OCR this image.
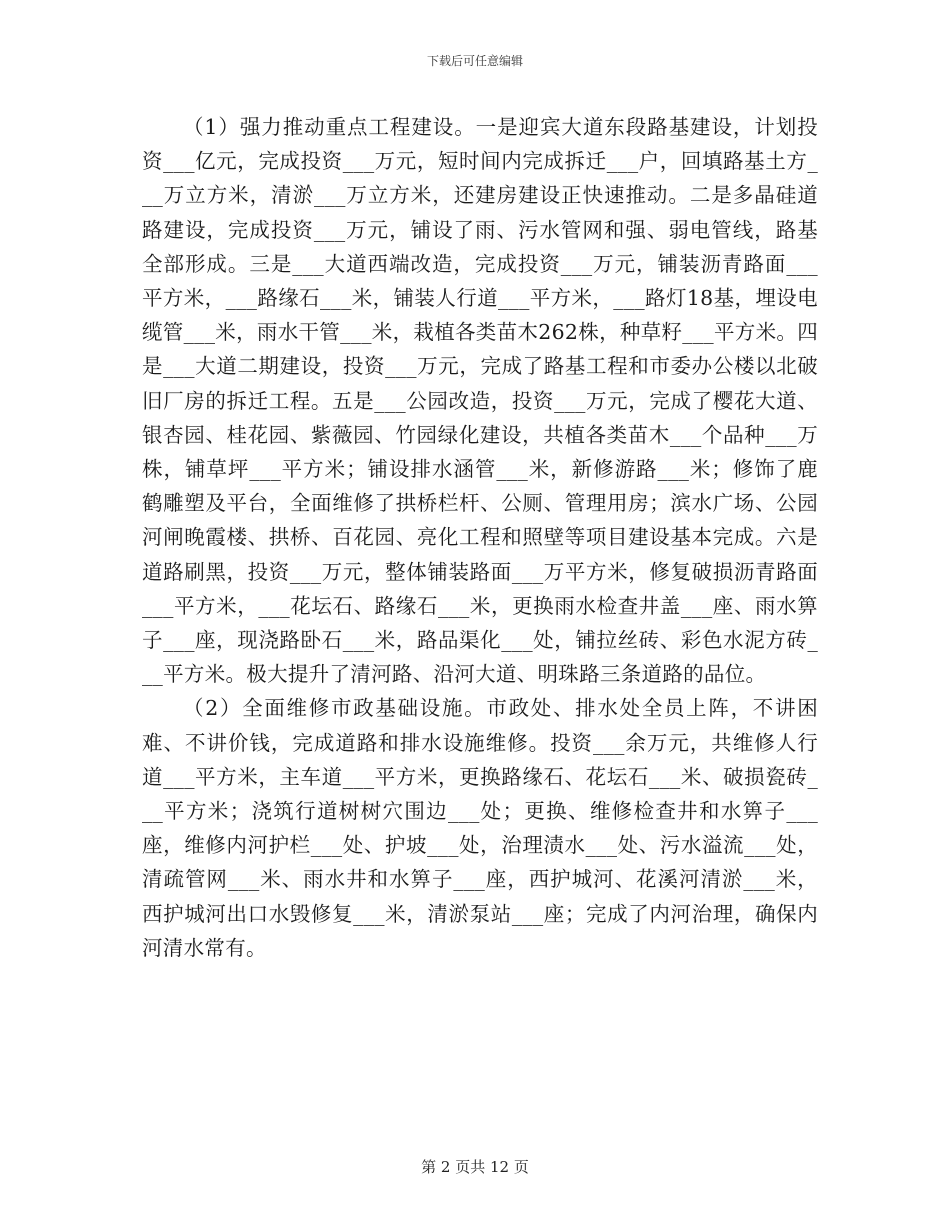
下载后可任意编辑

（1）强力推动重点工程建设。一是迎宾大道东段路基建设，计划投资___亿元，完成投资___万元，短时间内完成拆迁___户，回填路基土方___万立方米，清淤___万立方米，还建房建设正快速推动。二是多晶硅道路建设，完成投资___万元，铺设了雨、污水管网和强、弱电管线，路基全部形成。三是___大道西端改造，完成投资___万元，铺装沥青路面___平方米，___路缘石___米，铺装人行道___平方米，___路灯18基，埋设电缆管___米，雨水干管___米，栽植各类苗木262株，种草籽___平方米。四是___大道二期建设，投资___万元，完成了路基工程和市委办公楼以北破旧厂房的拆迁工程。五是___公园改造，投资___万元，完成了樱花大道、银杏园、桂花园、紫薇园、竹园绿化建设，共植各类苗木___个品种___万株，铺草坪___平方米；铺设排水涵管___米，新修游路___米；修饰了鹿鹤雕塑及平台，全面维修了拱桥栏杆、公厕、管理用房；滨水广场、公园河闸晚霞楼、拱桥、百花园、亮化工程和照壁等项目建设基本完成。六是道路刷黑，投资___万元，整体铺装路面___万平方米，修复破损沥青路面___平方米，___花坛石、路缘石___米，更换雨水检查井盖___座、雨水箅子___座，现浇路卧石___米，路品渠化___处，铺拉丝砖、彩色水泥方砖___平方米。极大提升了清河路、沿河大道、明珠路三条道路的品位。

（2）全面维修市政基础设施。市政处、排水处全员上阵，不讲困难、不讲价钱，完成道路和排水设施维修。投资___余万元，共维修人行道___平方米，主车道___平方米，更换路缘石、花坛石___米、破损瓷砖___平方米；浇筑行道树树穴围边___处；更换、维修检查井和水箅子___座，维修内河护栏___处、护坡___处，治理渍水___处、污水溢流___处，清疏管网___米、雨水井和水箅子___座，西护城河、花溪河清淤___米，西护城河出口水毁修复___米，清淤泵站___座；完成了内河治理，确保内河清水常有。

第 2 页共 12 页
